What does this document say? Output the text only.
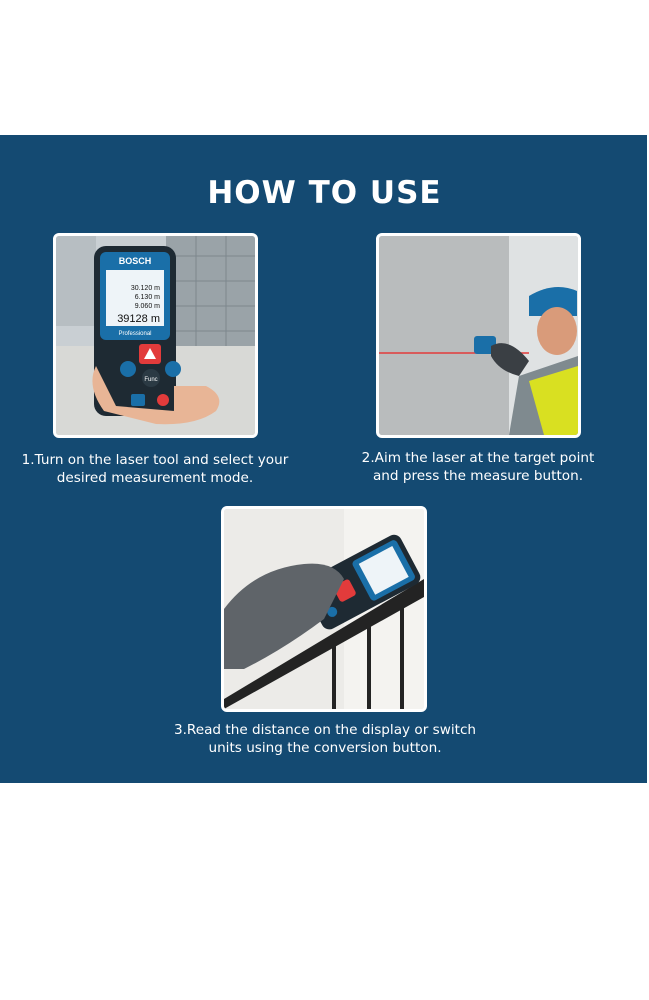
HOW TO USE
BOSCH
30.120 m
6.130 m
9.060 m
39128 m
Professional
Func
1.Turn on the laser tool and select your
desired measurement mode.
2.Aim the laser at the target point
and press the measure button.
3.Read the distance on the display or switch
units using the conversion button.
